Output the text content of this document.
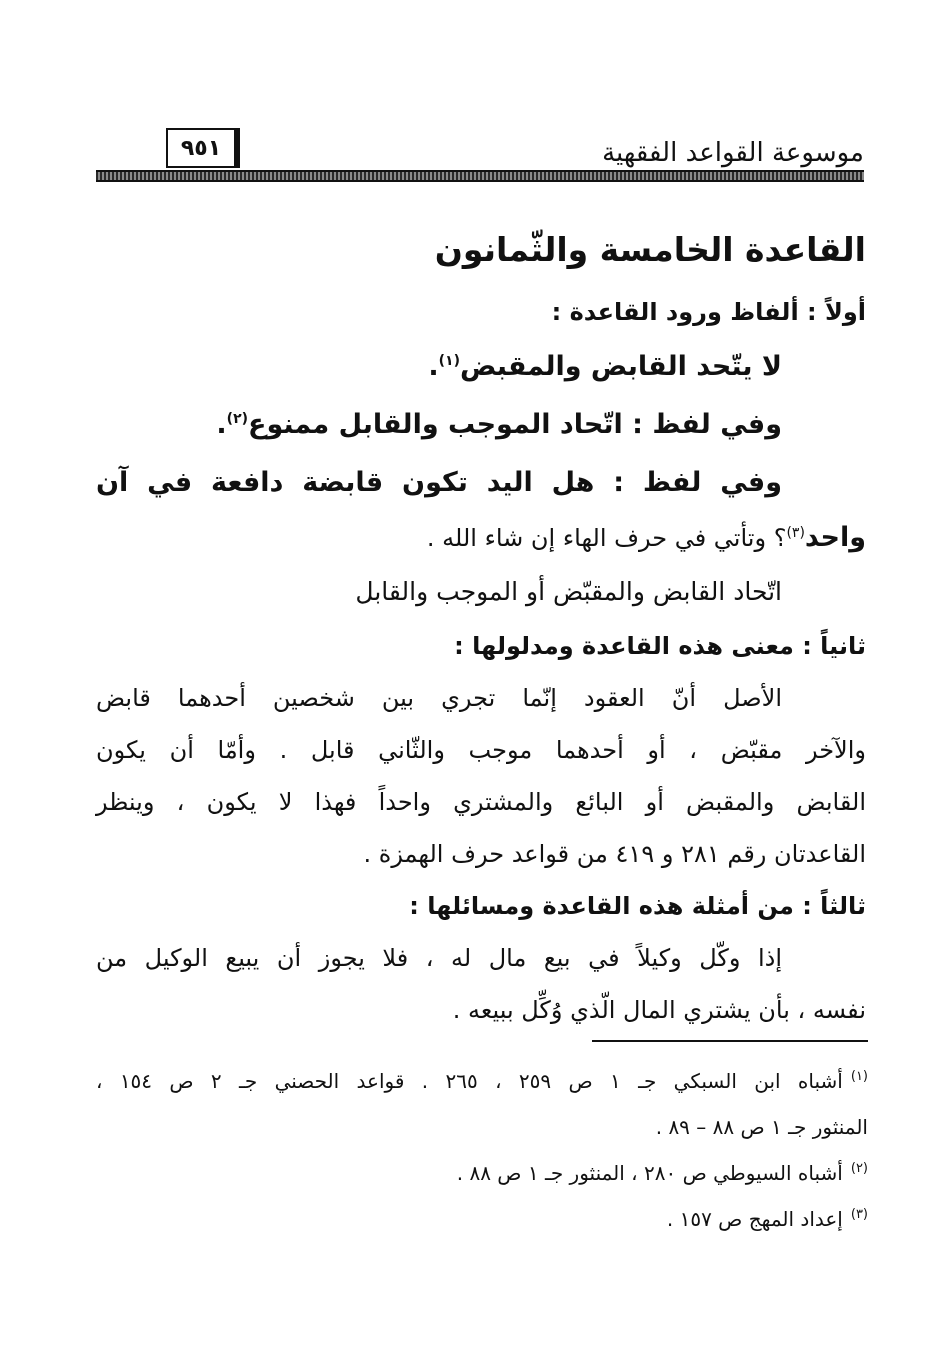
موسوعة القواعد الفقهية
٩٥١
القاعدة الخامسة والثّمانون
أولاً : ألفاظ ورود القاعدة :
لا يتّحد القابض والمقبض$^{(١)}$.
وفي لفظ : اتّحاد الموجب والقابل ممنوع$^{(٢)}$.
وفي لفظ : هل اليد تكون قابضة دافعة في آن
واحد$^{(٣)}$؟ وتأتي في حرف الهاء إن شاء الله .
اتّحاد القابض والمقبّض أو الموجب والقابل
ثانياً : معنى هذه القاعدة ومدلولها :
الأصل أنّ العقود إنّما تجري بين شخصين أحدهما قابض
والآخر مقبّض ، أو أحدهما موجب والثّاني قابل . وأمّا أن يكون
القابض والمقبض أو البائع والمشتري واحداً فهذا لا يكون ، وينظر
القاعدتان رقم ٢٨١ و ٤١٩ من قواعد حرف الهمزة .
ثالثاً : من أمثلة هذه القاعدة ومسائلها :
إذا وكّل وكيلاً في بيع مال له ، فلا يجوز أن يبيع الوكيل من
نفسه ، بأن يشتري المال الّذي وُكِّل ببيعه .
$^{(١)}$أشباه ابن السبكي جـ ١ ص ٢٥٩ ، ٢٦٥ . قواعد الحصني جـ ٢ ص ١٥٤ ،
المنثور جـ ١ ص ٨٨ – ٨٩ .
$^{(٢)}$أشباه السيوطي ص ٢٨٠ ، المنثور جـ ١ ص ٨٨ .
$^{(٣)}$إعداد المهج ص ١٥٧ .
